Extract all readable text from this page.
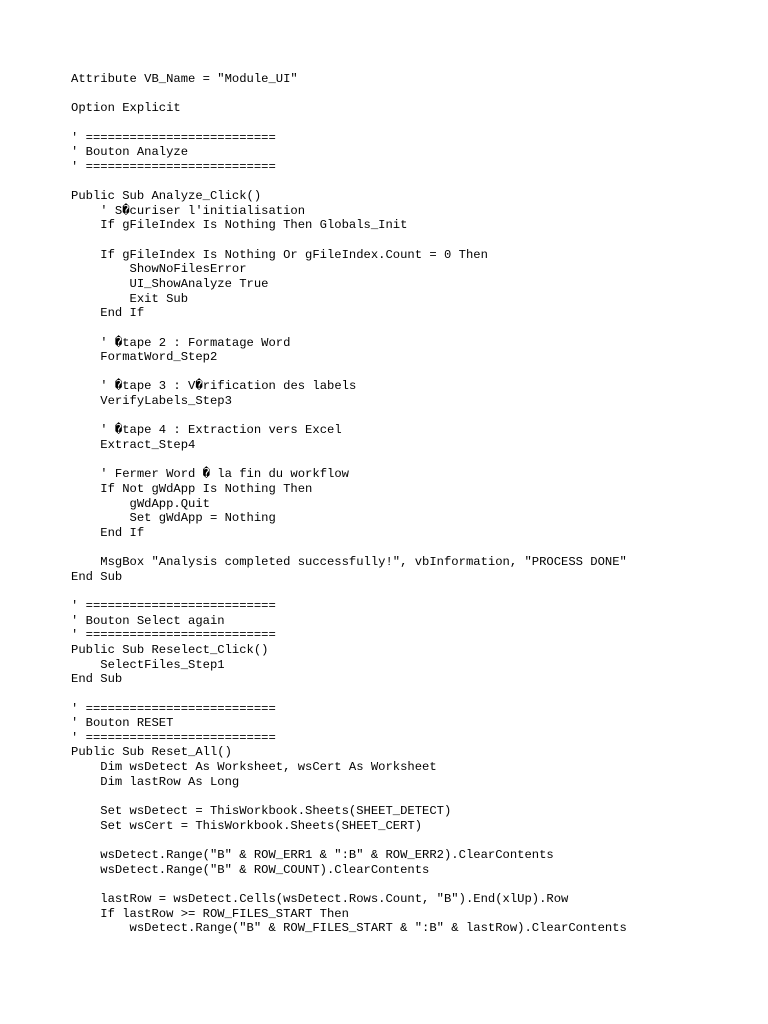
Attribute VB_Name = "Module_UI"
Option Explicit
' ==========================
' Bouton Analyze
' ==========================
Public Sub Analyze_Click()
' S�curiser l'initialisation
If gFileIndex Is Nothing Then Globals_Init
If gFileIndex Is Nothing Or gFileIndex.Count = 0 Then
ShowNoFilesError
UI_ShowAnalyze True
Exit Sub
End If
' �tape 2 : Formatage Word
FormatWord_Step2
' �tape 3 : V�rification des labels
VerifyLabels_Step3
' �tape 4 : Extraction vers Excel
Extract_Step4
' Fermer Word � la fin du workflow
If Not gWdApp Is Nothing Then
gWdApp.Quit
Set gWdApp = Nothing
End If
MsgBox "Analysis completed successfully!", vbInformation, "PROCESS DONE"
End Sub
' ==========================
' Bouton Select again
' ==========================
Public Sub Reselect_Click()
SelectFiles_Step1
End Sub
' ==========================
' Bouton RESET
' ==========================
Public Sub Reset_All()
Dim wsDetect As Worksheet, wsCert As Worksheet
Dim lastRow As Long
Set wsDetect = ThisWorkbook.Sheets(SHEET_DETECT)
Set wsCert = ThisWorkbook.Sheets(SHEET_CERT)
wsDetect.Range("B" & ROW_ERR1 & ":B" & ROW_ERR2).ClearContents
wsDetect.Range("B" & ROW_COUNT).ClearContents
lastRow = wsDetect.Cells(wsDetect.Rows.Count, "B").End(xlUp).Row
If lastRow >= ROW_FILES_START Then
wsDetect.Range("B" & ROW_FILES_START & ":B" & lastRow).ClearContents
